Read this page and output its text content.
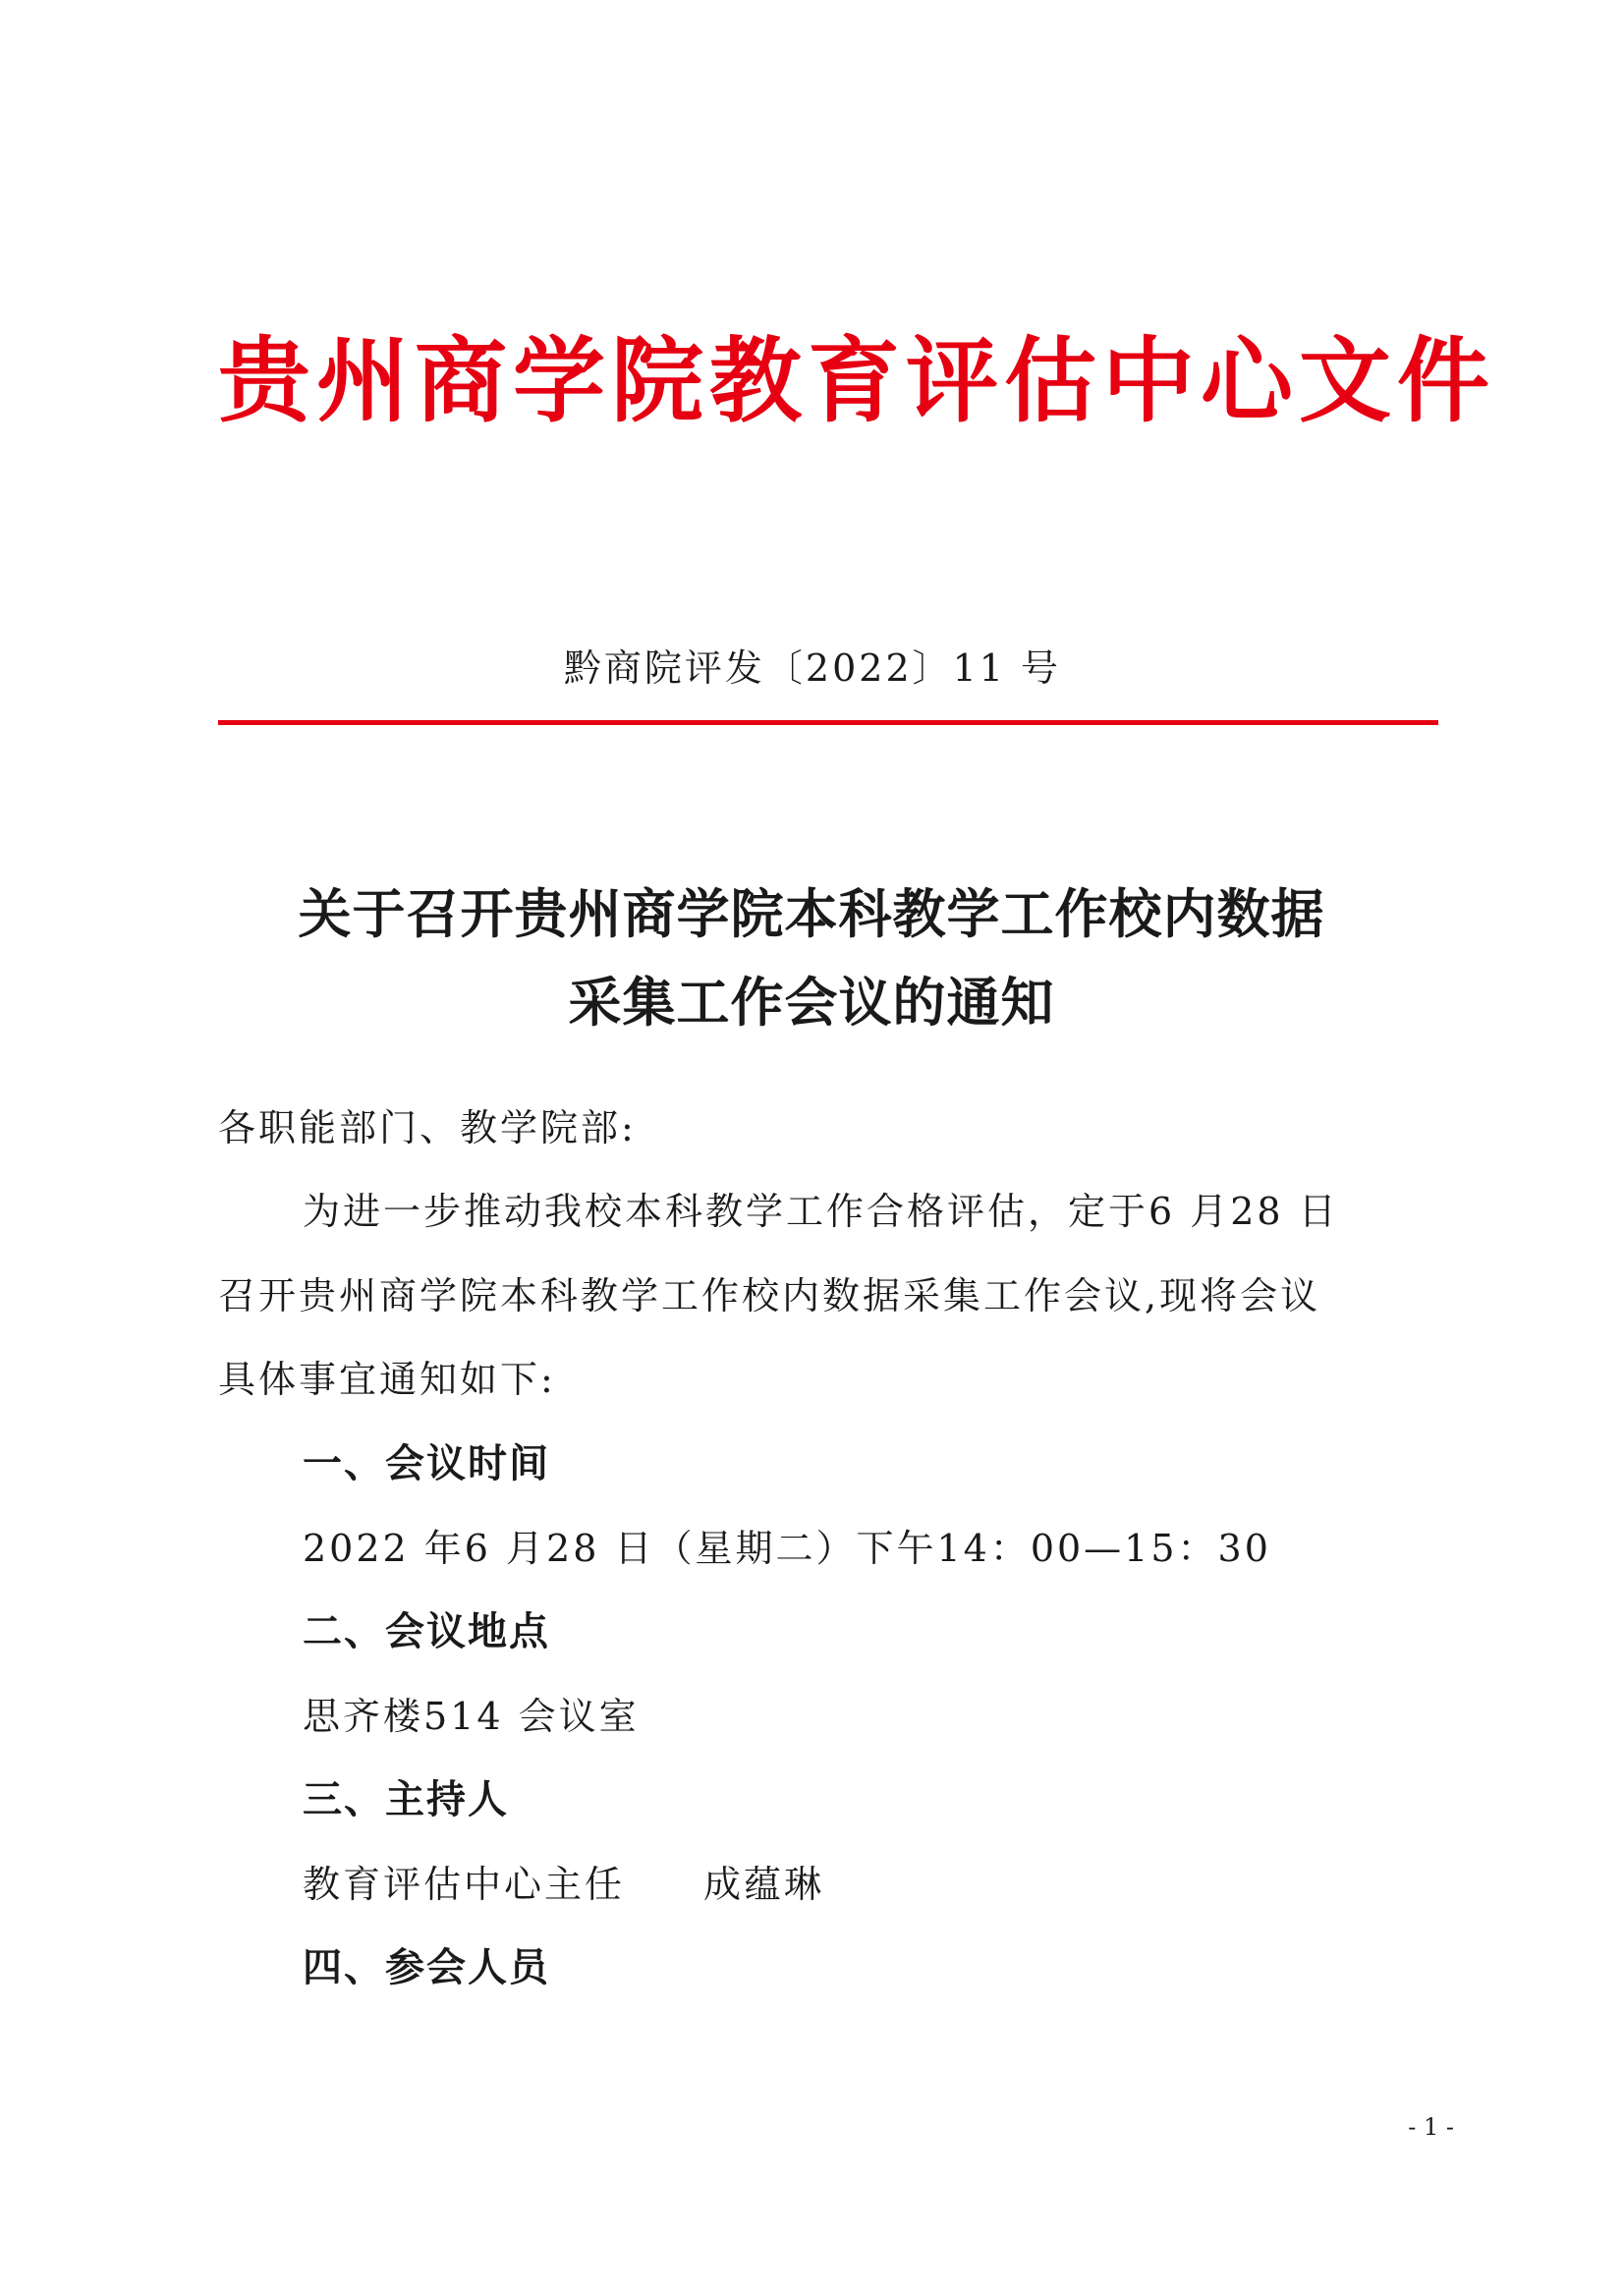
贵州商学院教育评估中心文件
黔商院评发〔2022〕11 号
关于召开贵州商学院本科教学工作校内数据
采集工作会议的通知
各职能部门、教学院部:
为进一步推动我校本科教学工作合格评估，定于6 月28 日
召开贵州商学院本科教学工作校内数据采集工作会议,现将会议
具体事宜通知如下:
一、会议时间
2022 年6 月28 日（星期二）下午14：00—15：30
二、会议地点
思齐楼514 会议室
三、主持人
教育评估中心主任 成蕴琳
四、参会人员
- 1 -
